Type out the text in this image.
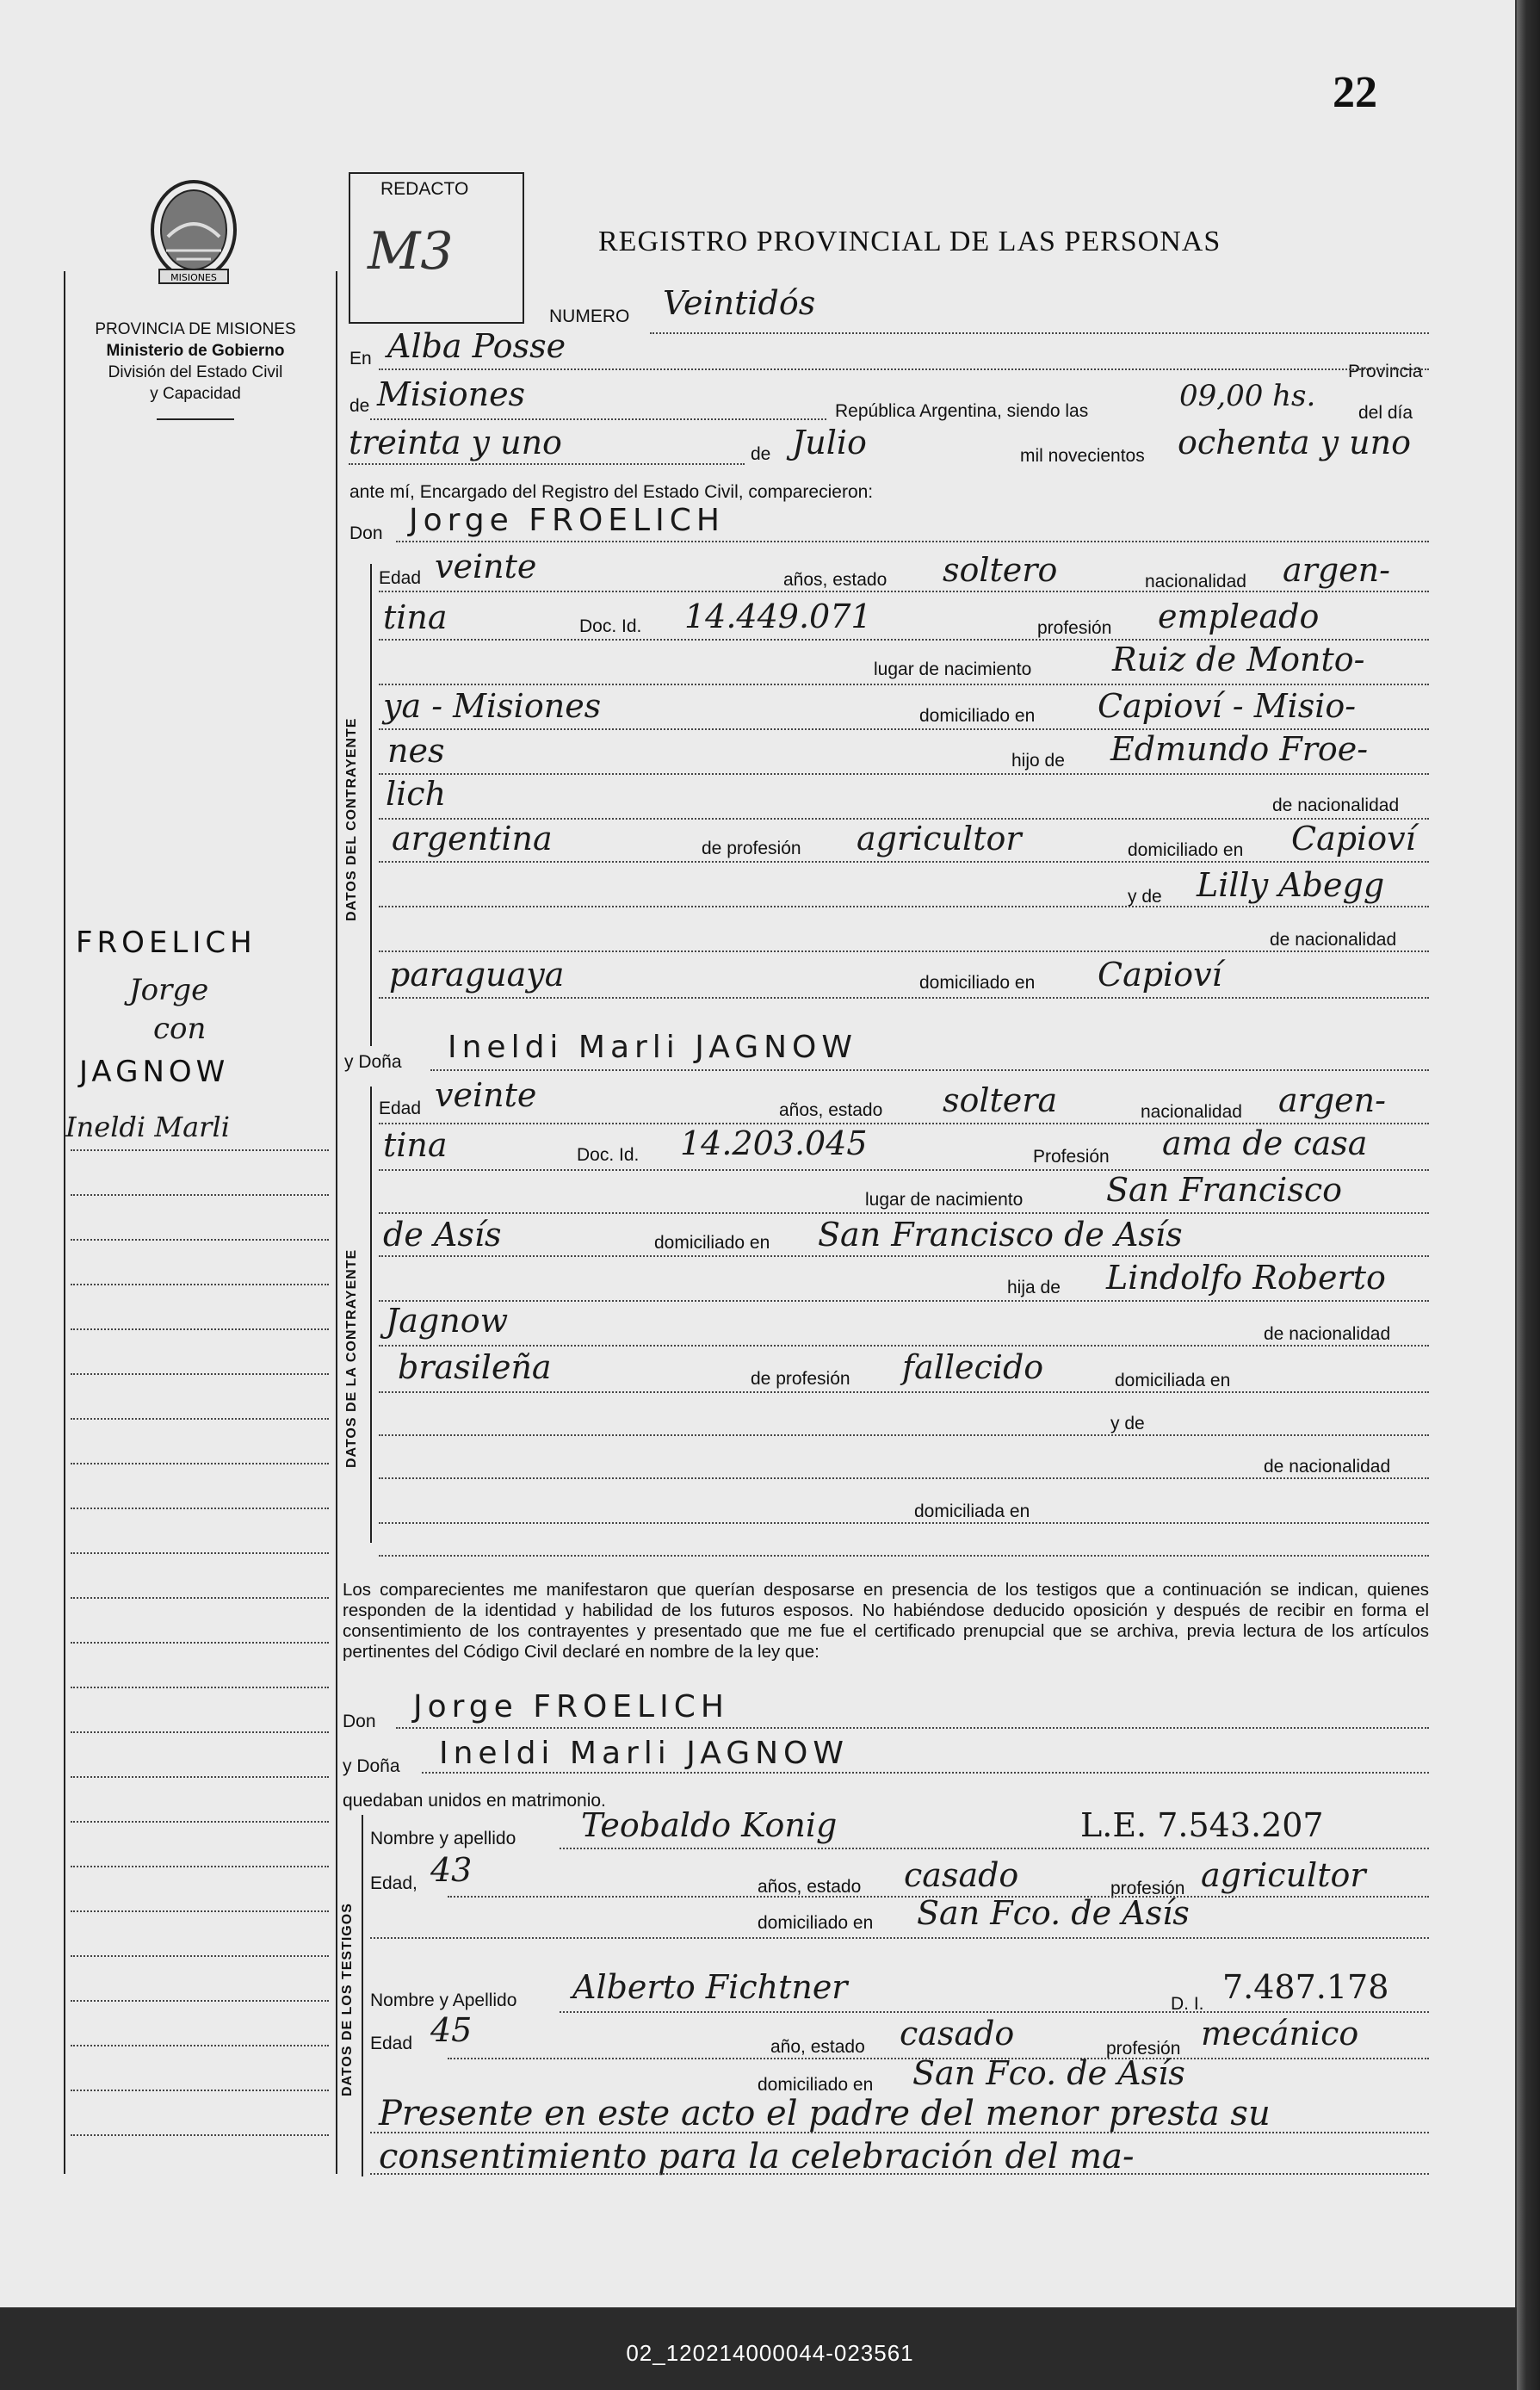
02_120214000044-023561
22
MISIONES
PROVINCIA DE MISIONES
Ministerio de Gobierno
División del Estado Civil
y Capacidad
FROELICH
Jorge
con
JAGNOW
Ineldi Marli
REDACTO
M3	REGISTRO PROVINCIAL DE LAS PERSONAS
NUMERO Veintidós
En Alba Posse
Provincia
de Misiones	República Argentina, siendo las	09,00 hs. del día
treinta y uno	de Julio	mil novecientos ochenta y uno
ante mí, Encargado del Registro del Estado Civil, comparecieron:
Don Jorge FROELICH
DATOS DEL CONTRAYENTE
Edad veinte	años, estado soltero	nacionalidad argen-
tina	Doc. Id. 14.449.071	profesión empleado
lugar de nacimiento Ruiz de Monto-
ya - Misiones	domiciliado en Capioví - Misio-
nes	hijo de Edmundo Froe-
lich	de nacionalidad
argentina	de profesión agricultor	domiciliado en Capioví
y de Lilly Abegg
de nacionalidad
paraguaya	domiciliado en Capioví
y Doña Ineldi Marli JAGNOW
DATOS DE LA CONTRAYENTE
Edad veinte	años, estado soltera	nacionalidad argen-
tina	Doc. Id. 14.203.045	Profesión ama de casa
lugar de nacimiento	San Francisco
de Asís	domiciliado en San Francisco de Asís
hija de Lindolfo Roberto
Jagnow	de nacionalidad
brasileña	de profesión fallecido	domiciliada en
y de
de nacionalidad
domiciliada en
Los comparecientes me manifestaron que querían desposarse en presencia de los testigos que a continuación se indican, quienes responden de la identidad y habilidad de los futuros esposos. No habiéndose deducido oposición y después de recibir en forma el consentimiento de los contrayentes y presentado que me fue el certificado prenupcial que se archiva, previa lectura de los artículos pertinentes del Código Civil declaré en nombre de la ley que:
Don Jorge FROELICH
y Doña Ineldi Marli JAGNOW
quedaban unidos en matrimonio.
DATOS DE LOS TESTIGOS
Nombre y apellido Teobaldo Konig	L.E. 7.543.207
Edad, 43	años, estado casado	profesión agricultor
domiciliado en San Fco. de Asís
Nombre y Apellido Alberto Fichtner	D. I. 7.487.178
Edad 45	año, estado casado	profesión mecánico
domiciliado en San Fco. de Asís
Presente en este acto el padre del menor presta su
consentimiento para la celebración del ma-
